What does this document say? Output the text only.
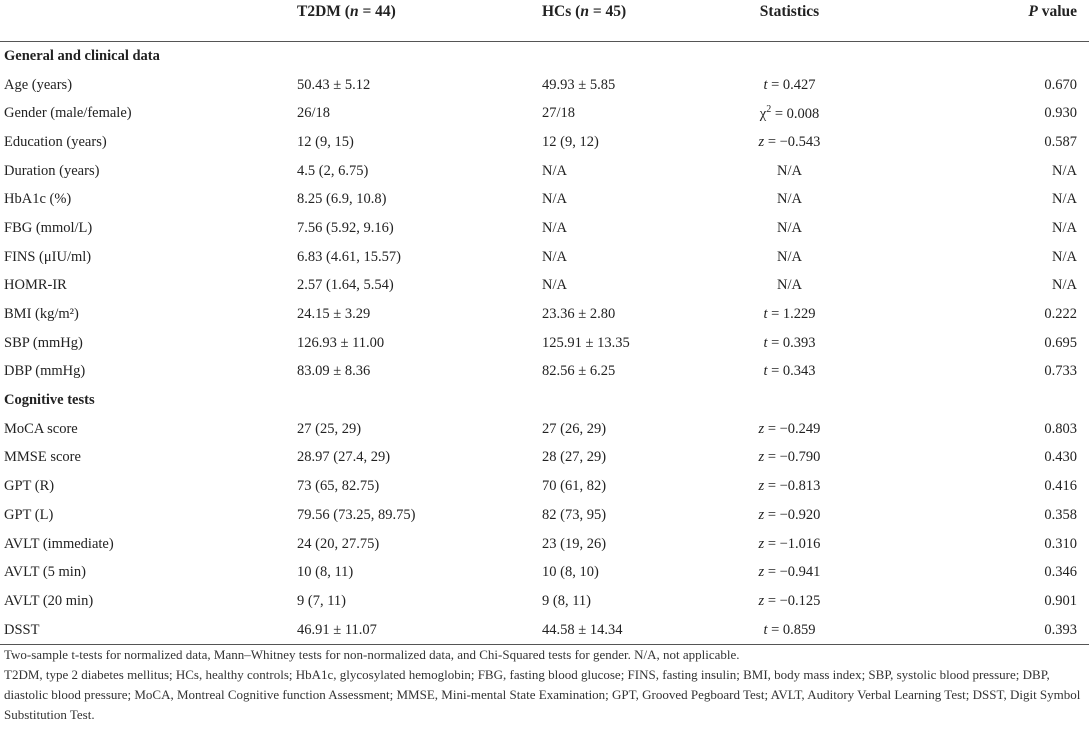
	T2DM (n = 44)	HCs (n = 45)	Statistics	P value
General and clinical data				
Age (years)	50.43 ± 5.12	49.93 ± 5.85	t = 0.427	0.670
Gender (male/female)	26/18	27/18	$\chi^2 = 0.008$	0.930
Education (years)	12 (9, 15)	12 (9, 12)	z = −0.543	0.587
Duration (years)	4.5 (2, 6.75)	N/A	N/A	N/A
HbA1c (%)	8.25 (6.9, 10.8)	N/A	N/A	N/A
FBG (mmol/L)	7.56 (5.92, 9.16)	N/A	N/A	N/A
FINS (μIU/ml)	6.83 (4.61, 15.57)	N/A	N/A	N/A
HOMR-IR	2.57 (1.64, 5.54)	N/A	N/A	N/A
BMI (kg/m²)	24.15 ± 3.29	23.36 ± 2.80	t = 1.229	0.222
SBP (mmHg)	126.93 ± 11.00	125.91 ± 13.35	t = 0.393	0.695
DBP (mmHg)	83.09 ± 8.36	82.56 ± 6.25	t = 0.343	0.733
Cognitive tests				
MoCA score	27 (25, 29)	27 (26, 29)	z = −0.249	0.803
MMSE score	28.97 (27.4, 29)	28 (27, 29)	z = −0.790	0.430
GPT (R)	73 (65, 82.75)	70 (61, 82)	z = −0.813	0.416
GPT (L)	79.56 (73.25, 89.75)	82 (73, 95)	z = −0.920	0.358
AVLT (immediate)	24 (20, 27.75)	23 (19, 26)	z = −1.016	0.310
AVLT (5 min)	10 (8, 11)	10 (8, 10)	z = −0.941	0.346
AVLT (20 min)	9 (7, 11)	9 (8, 11)	z = −0.125	0.901
DSST	46.91 ± 11.07	44.58 ± 14.34	t = 0.859	0.393

Two-sample t-tests for normalized data, Mann–Whitney tests for non-normalized data, and Chi-Squared tests for gender. N/A, not applicable.

T2DM, type 2 diabetes mellitus; HCs, healthy controls; HbA1c, glycosylated hemoglobin; FBG, fasting blood glucose; FINS, fasting insulin; BMI, body mass index; SBP, systolic blood pressure; DBP, diastolic blood pressure; MoCA, Montreal Cognitive function Assessment; MMSE, Mini-mental State Examination; GPT, Grooved Pegboard Test; AVLT, Auditory Verbal Learning Test; DSST, Digit Symbol Substitution Test.
